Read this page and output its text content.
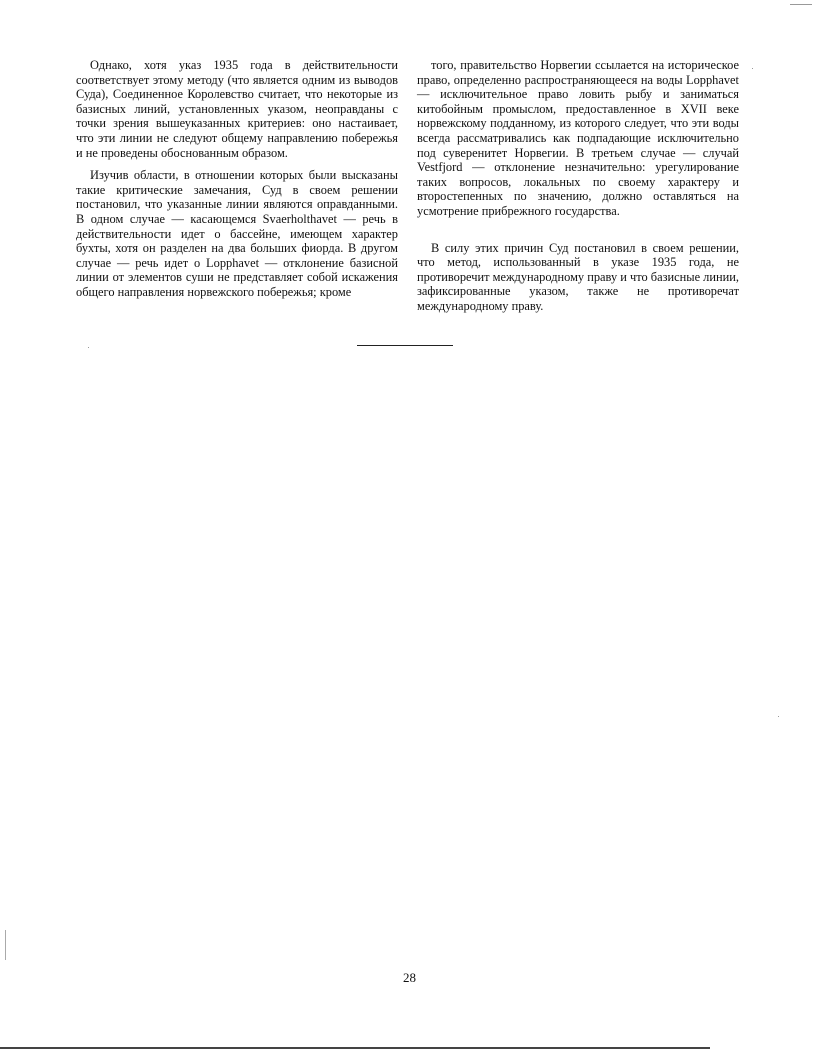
Однако, хотя указ 1935 года в действительности соответствует этому методу (что является одним из выводов Суда), Соединенное Королевство считает, что некоторые из базисных линий, установленных указом, неоправданы с точки зрения вышеуказанных критериев: оно настаивает, что эти линии не следуют общему направлению побережья и не проведены обоснованным образом.

Изучив области, в отношении которых были высказаны такие критические замечания, Суд в своем решении постановил, что указанные линии являются оправданными. В одном случае — касающемся Svaerholthavet — речь в действительности идет о бассейне, имеющем характер бухты, хотя он разделен на два больших фиорда. В другом случае — речь идет о Lopphavet — отклонение базисной линии от элементов суши не представляет собой искажения общего направления норвежского побережья; кроме

того, правительство Норвегии ссылается на историческое право, определенно распространяющееся на воды Lopphavet — исключительное право ловить рыбу и заниматься китобойным промыслом, предоставленное в XVII веке норвежскому подданному, из которого следует, что эти воды всегда рассматривались как подпадающие исключительно под суверенитет Норвегии. В третьем случае — случай Vestfjord — отклонение незначительно: урегулирование таких вопросов, локальных по своему характеру и второстепенных по значению, должно оставляться на усмотрение прибрежного государства.

В силу этих причин Суд постановил в своем решении, что метод, использованный в указе 1935 года, не противоречит международному праву и что базисные линии, зафиксированные указом, также не противоречат международному праву.

28
